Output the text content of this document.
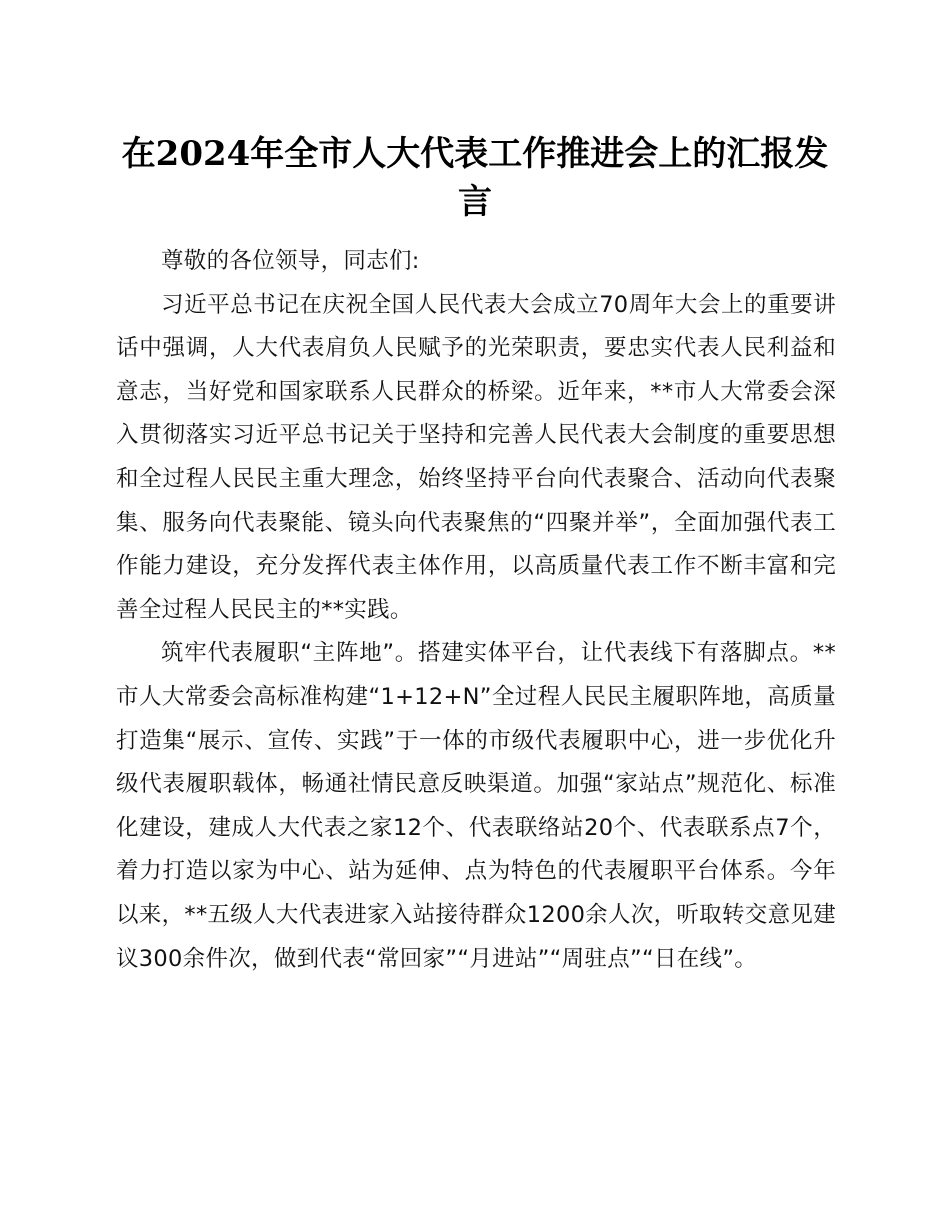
在2024年全市人大代表工作推进会上的汇报发言

尊敬的各位领导，同志们:

习近平总书记在庆祝全国人民代表大会成立70周年大会上的重要讲话中强调，人大代表肩负人民赋予的光荣职责，要忠实代表人民利益和意志，当好党和国家联系人民群众的桥梁。近年来，**市人大常委会深入贯彻落实习近平总书记关于坚持和完善人民代表大会制度的重要思想和全过程人民民主重大理念，始终坚持平台向代表聚合、活动向代表聚集、服务向代表聚能、镜头向代表聚焦的“四聚并举”，全面加强代表工作能力建设，充分发挥代表主体作用，以高质量代表工作不断丰富和完善全过程人民民主的**实践。

筑牢代表履职“主阵地”。搭建实体平台，让代表线下有落脚点。**市人大常委会高标准构建“1+12+N”全过程人民民主履职阵地，高质量打造集“展示、宣传、实践”于一体的市级代表履职中心，进一步优化升级代表履职载体，畅通社情民意反映渠道。加强“家站点”规范化、标准化建设，建成人大代表之家12个、代表联络站20个、代表联系点7个，着力打造以家为中心、站为延伸、点为特色的代表履职平台体系。今年以来，**五级人大代表进家入站接待群众1200余人次，听取转交意见建议300余件次，做到代表“常回家”“月进站”“周驻点”“日在线”。
